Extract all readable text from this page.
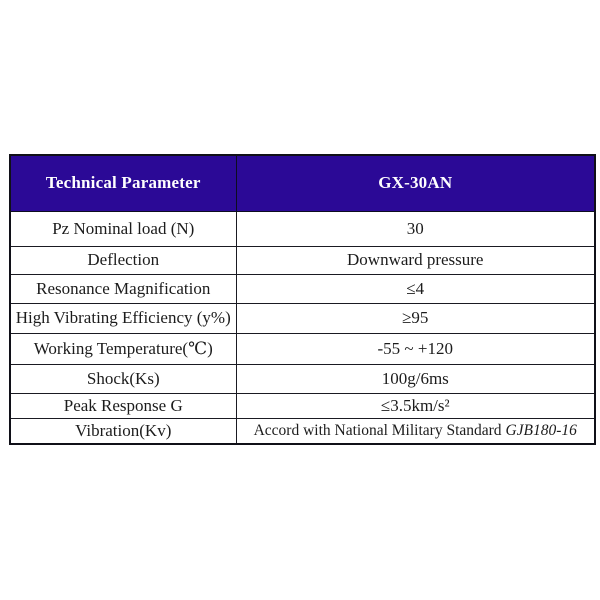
Technical Parameter	GX-30AN
Pz Nominal load (N)	30
Deflection	Downward pressure
Resonance Magnification	≤4
High Vibrating Efficiency (y%)	≥95
Working Temperature(℃)	-55 ~ +120
Shock(Ks)	100g/6ms
Peak Response G	≤3.5km/s²
Vibration(Kv)	Accord with National Military Standard GJB180-16
